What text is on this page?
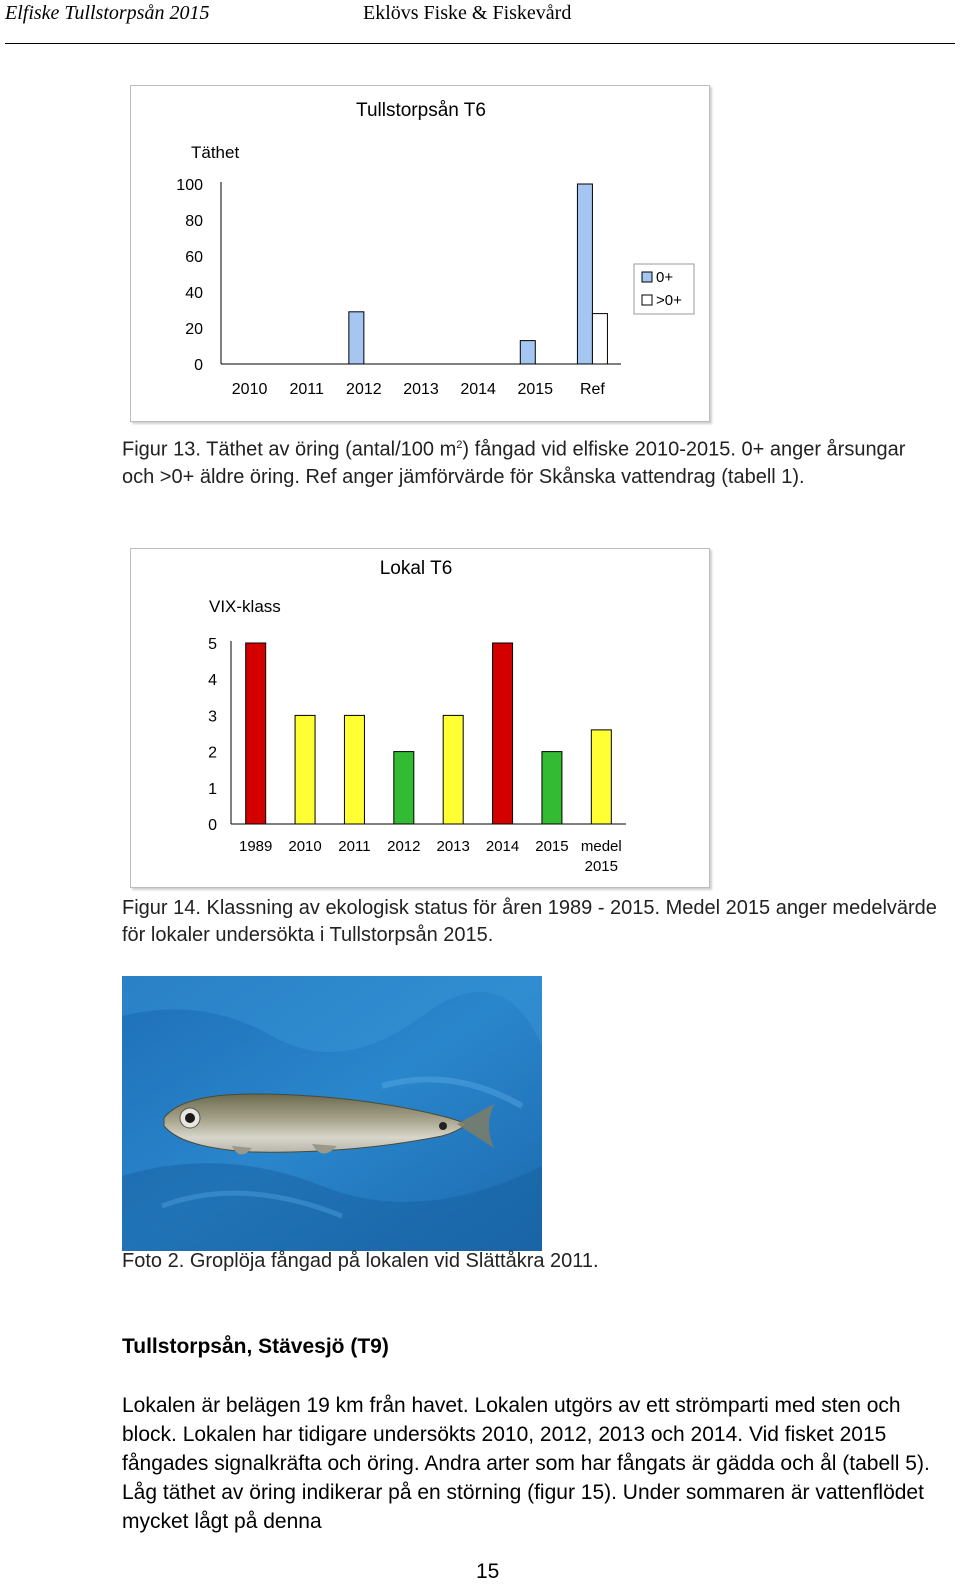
Elfiske Tullstorpsån 2015	Eklövs Fiske & Fiskevård
Tullstorpsån T6
Täthet
0
20
40
60
80
100
2010 2011 2012 2013 2014 2015 Ref
0+
>0+
Figur 13. Täthet av öring (antal/100 $m^2$) fångad vid elfiske 2010-2015. 0+ anger årsungar och >0+ äldre öring. Ref anger jämförvärde för Skånska vattendrag (tabell 1).
Lokal T6
VIX-klass
0
1
2
3
4
5
1989 2010 2011 2012 2013 2014 2015 medel
2015
Figur 14. Klassning av ekologisk status för åren 1989 - 2015. Medel 2015 anger medelvärde för lokaler undersökta i Tullstorpsån 2015.
Foto 2. Groplöja fångad på lokalen vid Slättåkra 2011.
Tullstorpsån, Stävesjö (T9)
Lokalen är belägen 19 km från havet. Lokalen utgörs av ett strömparti med sten och block. Lokalen har tidigare undersökts 2010, 2012, 2013 och 2014. Vid fisket 2015 fångades signalkräfta och öring. Andra arter som har fångats är gädda och ål (tabell 5). Låg täthet av öring indikerar på en störning (figur 15). Under sommaren är vattenflödet mycket lågt på denna
15
